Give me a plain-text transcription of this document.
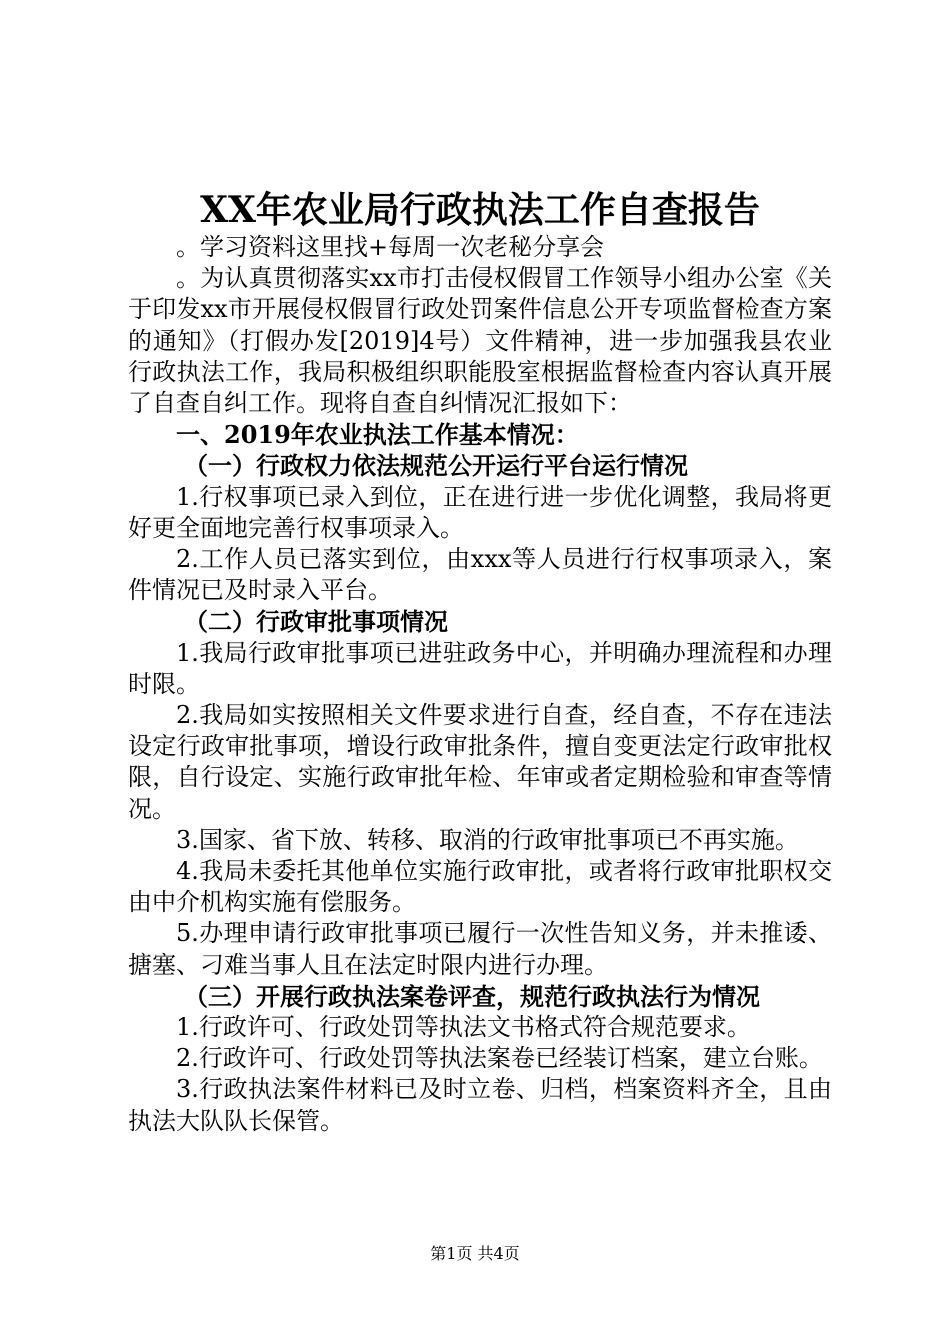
XX年农业局行政执法工作自查报告

。学习资料这里找+每周一次老秘分享会

。为认真贯彻落实xx市打击侵权假冒工作领导小组办公室《关于印发xx市开展侵权假冒行政处罚案件信息公开专项监督检查方案的通知》（打假办发[2019]4号）文件精神，进一步加强我县农业行政执法工作，我局积极组织职能股室根据监督检查内容认真开展了自查自纠工作。现将自查自纠情况汇报如下：

一、2019年农业执法工作基本情况：

（一）行政权力依法规范公开运行平台运行情况

1.行权事项已录入到位，正在进行进一步优化调整，我局将更好更全面地完善行权事项录入。

2.工作人员已落实到位，由xxx等人员进行行权事项录入，案件情况已及时录入平台。

（二）行政审批事项情况

1.我局行政审批事项已进驻政务中心，并明确办理流程和办理时限。

2.我局如实按照相关文件要求进行自查，经自查，不存在违法设定行政审批事项，增设行政审批条件，擅自变更法定行政审批权限，自行设定、实施行政审批年检、年审或者定期检验和审查等情况。

3.国家、省下放、转移、取消的行政审批事项已不再实施。

4.我局未委托其他单位实施行政审批，或者将行政审批职权交由中介机构实施有偿服务。

5.办理申请行政审批事项已履行一次性告知义务，并未推诿、搪塞、刁难当事人且在法定时限内进行办理。

（三）开展行政执法案卷评查，规范行政执法行为情况

1.行政许可、行政处罚等执法文书格式符合规范要求。

2.行政许可、行政处罚等执法案卷已经装订档案，建立台账。

3.行政执法案件材料已及时立卷、归档，档案资料齐全，且由执法大队队长保管。

第1页 共4页
